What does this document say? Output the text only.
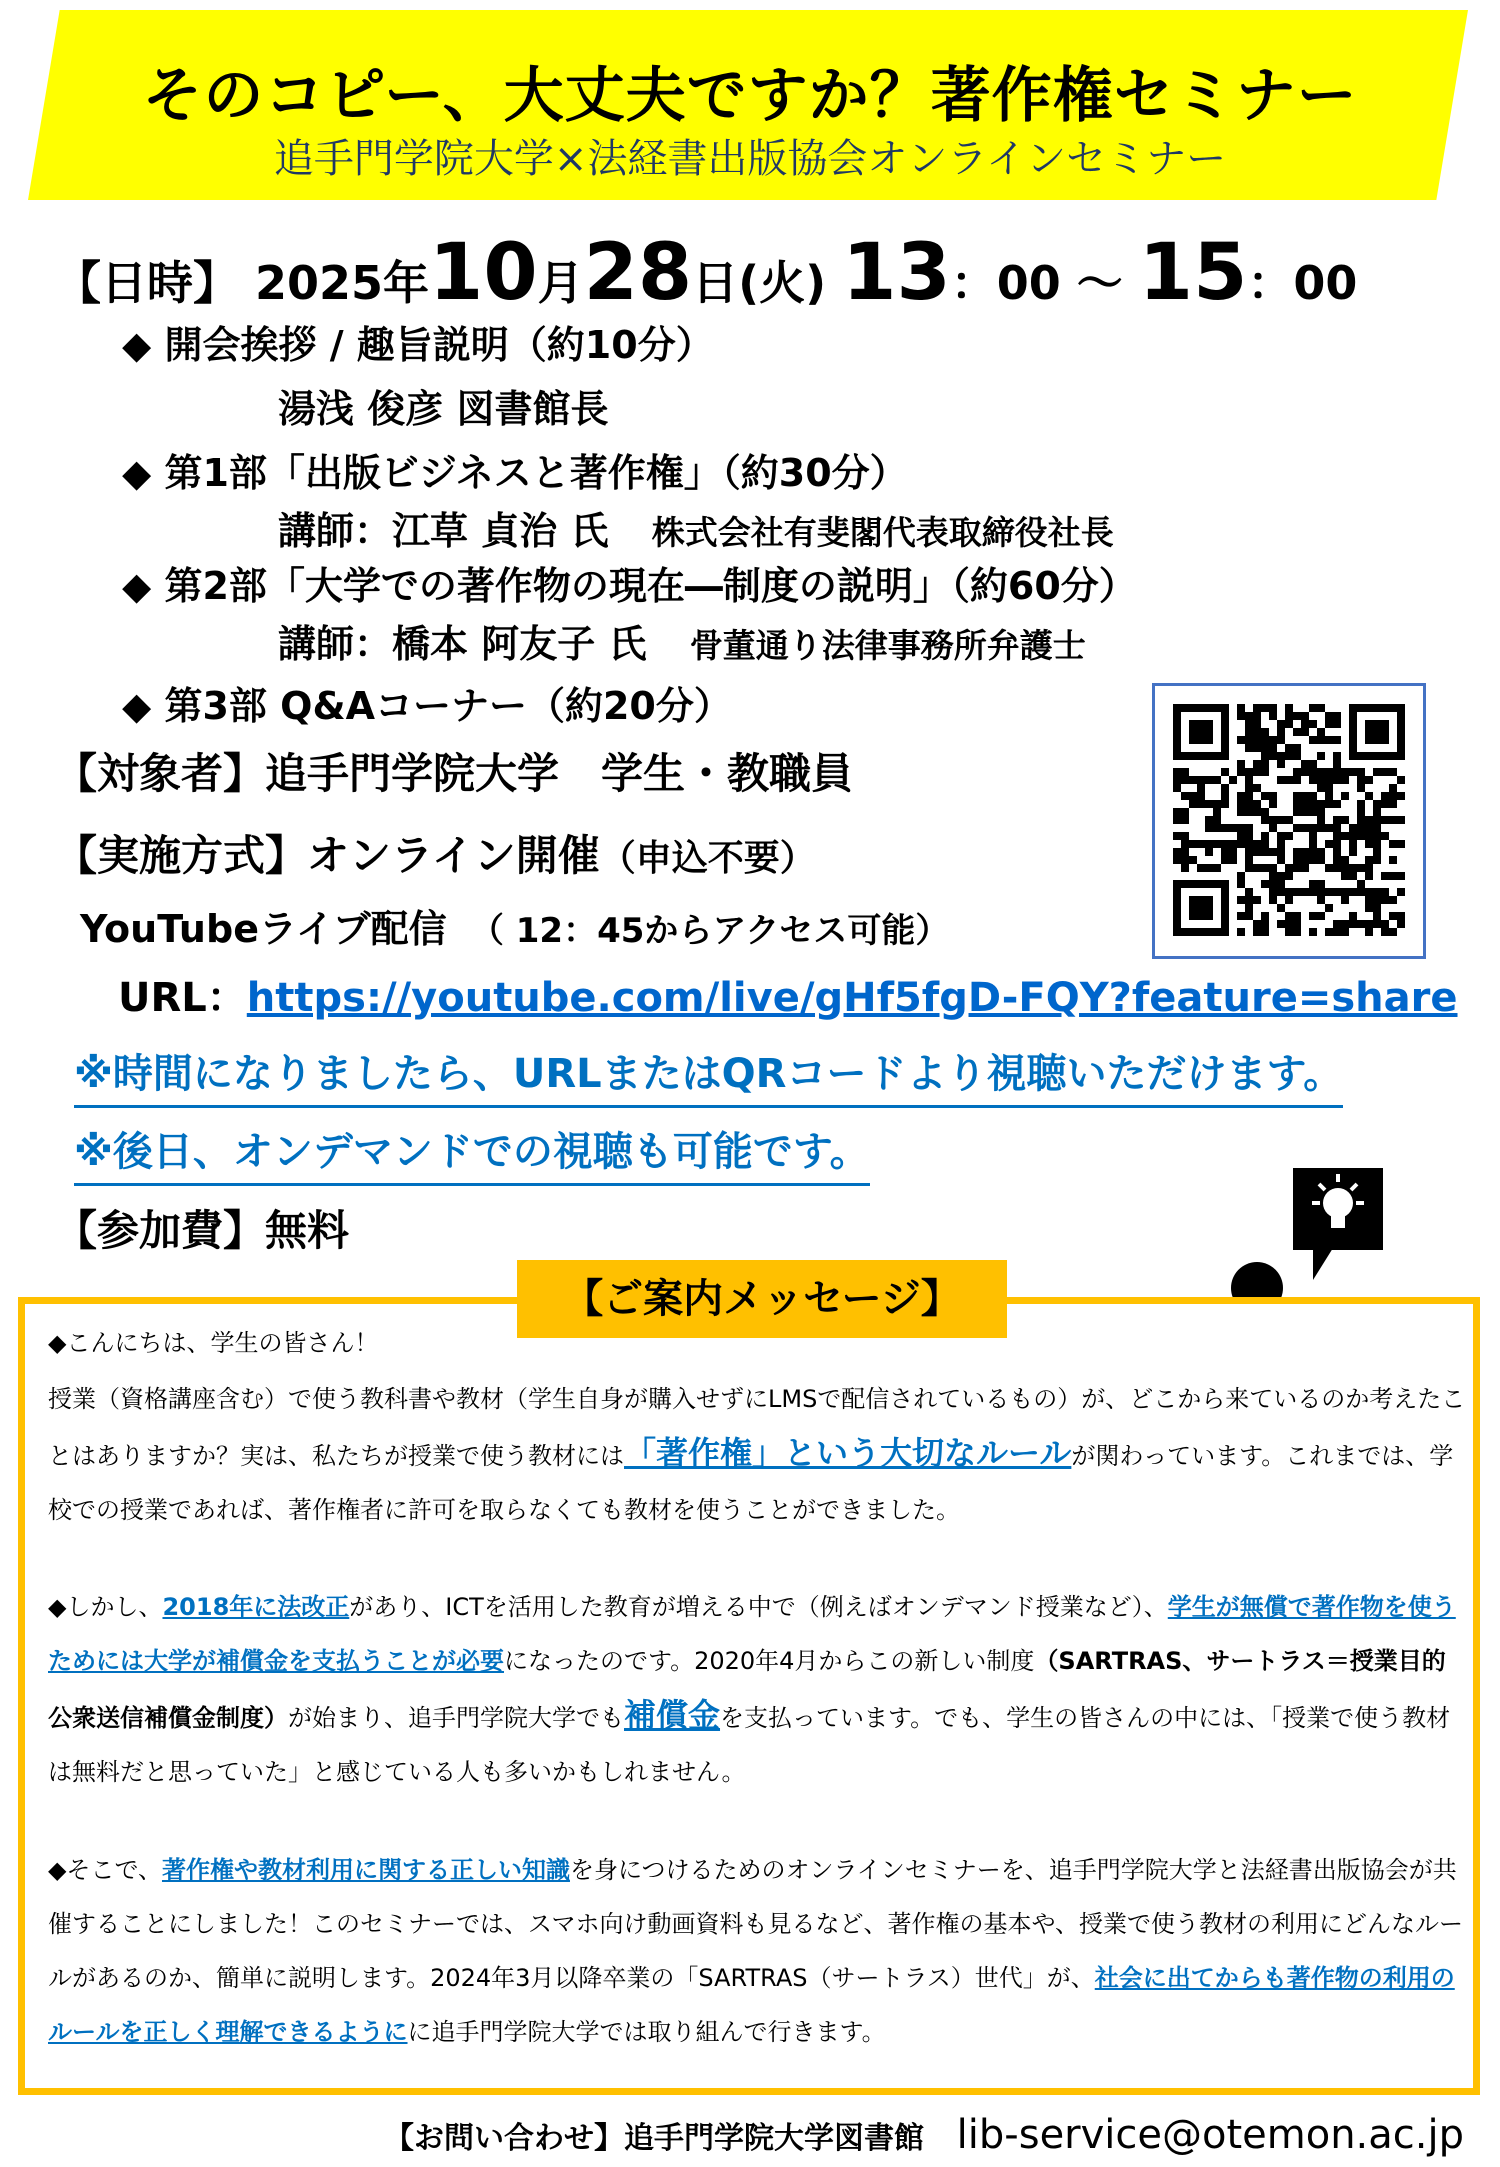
そのコピー、大丈夫ですか？著作権セミナー
追手門学院大学×法経書出版協会オンラインセミナー
【日時】 2025年10月28日(火) 13：00 ～ 15：00
◆ 開会挨拶 / 趣旨説明（約10分）
湯浅 俊彦 図書館長
◆ 第1部「出版ビジネスと著作権」（約30分）
講師：江草 貞治 氏 株式会社有斐閣代表取締役社長
◆ 第2部「大学での著作物の現在―制度の説明」（約60分）
講師：橋本 阿友子 氏 骨董通り法律事務所弁護士
◆ 第3部 Q&Aコーナー（約20分）
【対象者】追手門学院大学　学生・教職員
【実施方式】オンライン開催（申込不要）
YouTubeライブ配信 （ 12：45からアクセス可能）
URL：https://youtube.com/live/gHf5fgD-FQY?feature=share
※時間になりましたら、URLまたはQRコードより視聴いただけます。
※後日、オンデマンドでの視聴も可能です。
【参加費】無料
【ご案内メッセージ】
◆こんにちは、学生の皆さん！
授業（資格講座含む）で使う教科書や教材（学生自身が購入せずにLMSで配信されているもの）が、どこから来ているのか考えたことはありますか？実は、私たちが授業で使う教材には「著作権」という大切なルールが関わっています。これまでは、学校での授業であれば、著作権者に許可を取らなくても教材を使うことができました。
◆しかし、2018年に法改正があり、ICTを活用した教育が増える中で（例えばオンデマンド授業など）、学生が無償で著作物を使うためには大学が補償金を支払うことが必要になったのです。2020年4月からこの新しい制度（SARTRAS、サートラス＝授業目的公衆送信補償金制度）が始まり、追手門学院大学でも補償金を支払っています。でも、学生の皆さんの中には、「授業で使う教材は無料だと思っていた」と感じている人も多いかもしれません。
◆そこで、著作権や教材利用に関する正しい知識を身につけるためのオンラインセミナーを、追手門学院大学と法経書出版協会が共催することにしました！このセミナーでは、スマホ向け動画資料も見るなど、著作権の基本や、授業で使う教材の利用にどんなルールがあるのか、簡単に説明します。2024年3月以降卒業の「SARTRAS（サートラス）世代」が、社会に出てからも著作物の利用のルールを正しく理解できるようにに追手門学院大学では取り組んで行きます。
【お問い合わせ】追手門学院大学図書館 lib-service@otemon.ac.jp
